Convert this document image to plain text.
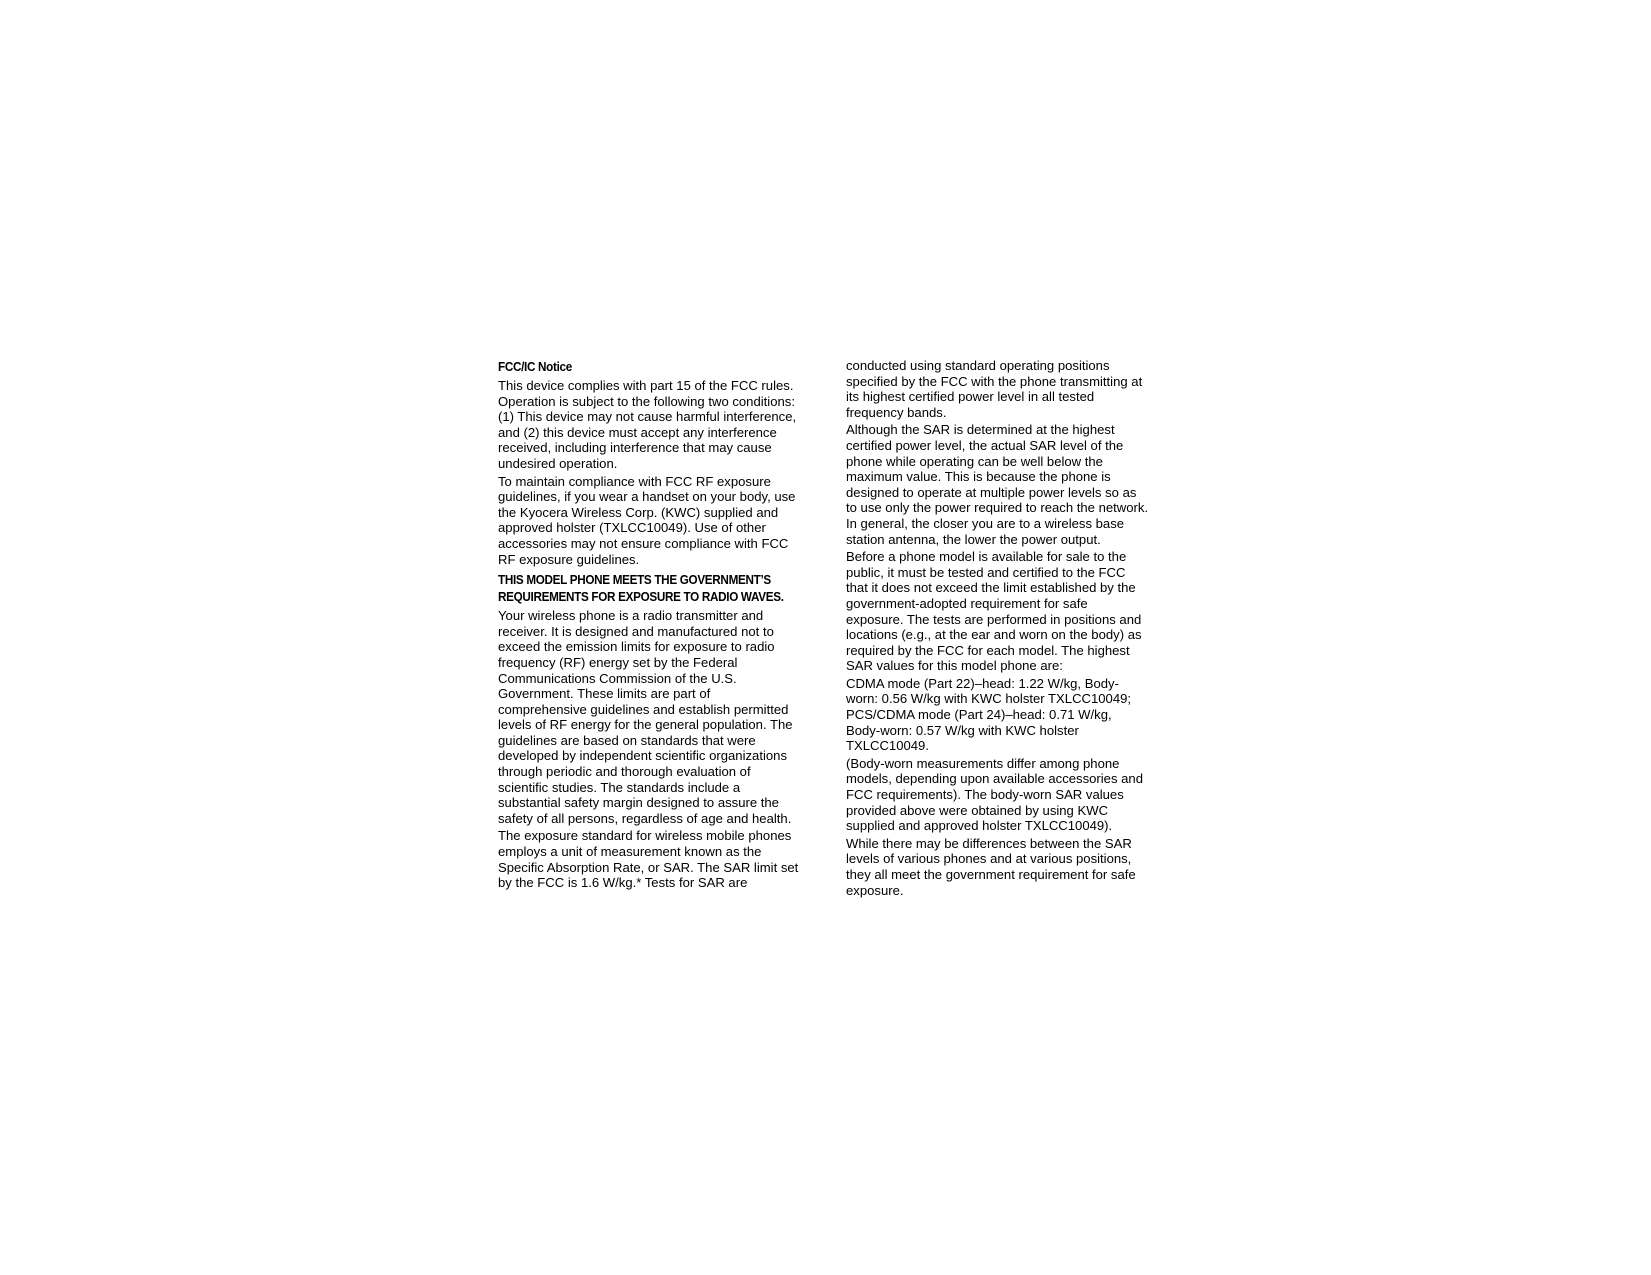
FCC/IC Notice

This device complies with part 15 of the FCC rules.
Operation is subject to the following two conditions:
(1) This device may not cause harmful interference,
and (2) this device must accept any interference
received, including interference that may cause
undesired operation.

To maintain compliance with FCC RF exposure
guidelines, if you wear a handset on your body, use
the Kyocera Wireless Corp. (KWC) supplied and
approved holster (TXLCC10049). Use of other
accessories may not ensure compliance with FCC
RF exposure guidelines.

THIS MODEL PHONE MEETS THE GOVERNMENT’S
REQUIREMENTS FOR EXPOSURE TO RADIO WAVES.

Your wireless phone is a radio transmitter and
receiver. It is designed and manufactured not to
exceed the emission limits for exposure to radio
frequency (RF) energy set by the Federal
Communications Commission of the U.S.
Government. These limits are part of
comprehensive guidelines and establish permitted
levels of RF energy for the general population. The
guidelines are based on standards that were
developed by independent scientific organizations
through periodic and thorough evaluation of
scientific studies. The standards include a
substantial safety margin designed to assure the
safety of all persons, regardless of age and health.

The exposure standard for wireless mobile phones
employs a unit of measurement known as the
Specific Absorption Rate, or SAR. The SAR limit set
by the FCC is 1.6 W/kg.* Tests for SAR are

conducted using standard operating positions
specified by the FCC with the phone transmitting at
its highest certified power level in all tested
frequency bands.

Although the SAR is determined at the highest
certified power level, the actual SAR level of the
phone while operating can be well below the
maximum value. This is because the phone is
designed to operate at multiple power levels so as
to use only the power required to reach the network.
In general, the closer you are to a wireless base
station antenna, the lower the power output.

Before a phone model is available for sale to the
public, it must be tested and certified to the FCC
that it does not exceed the limit established by the
government-adopted requirement for safe
exposure. The tests are performed in positions and
locations (e.g., at the ear and worn on the body) as
required by the FCC for each model. The highest
SAR values for this model phone are:

CDMA mode (Part 22)–head: 1.22 W/kg, Body-
worn: 0.56 W/kg with KWC holster TXLCC10049;
PCS/CDMA mode (Part 24)–head: 0.71 W/kg,
Body-worn: 0.57 W/kg with KWC holster
TXLCC10049.

(Body-worn measurements differ among phone
models, depending upon available accessories and
FCC requirements). The body-worn SAR values
provided above were obtained by using KWC
supplied and approved holster TXLCC10049).

While there may be differences between the SAR
levels of various phones and at various positions,
they all meet the government requirement for safe
exposure.
